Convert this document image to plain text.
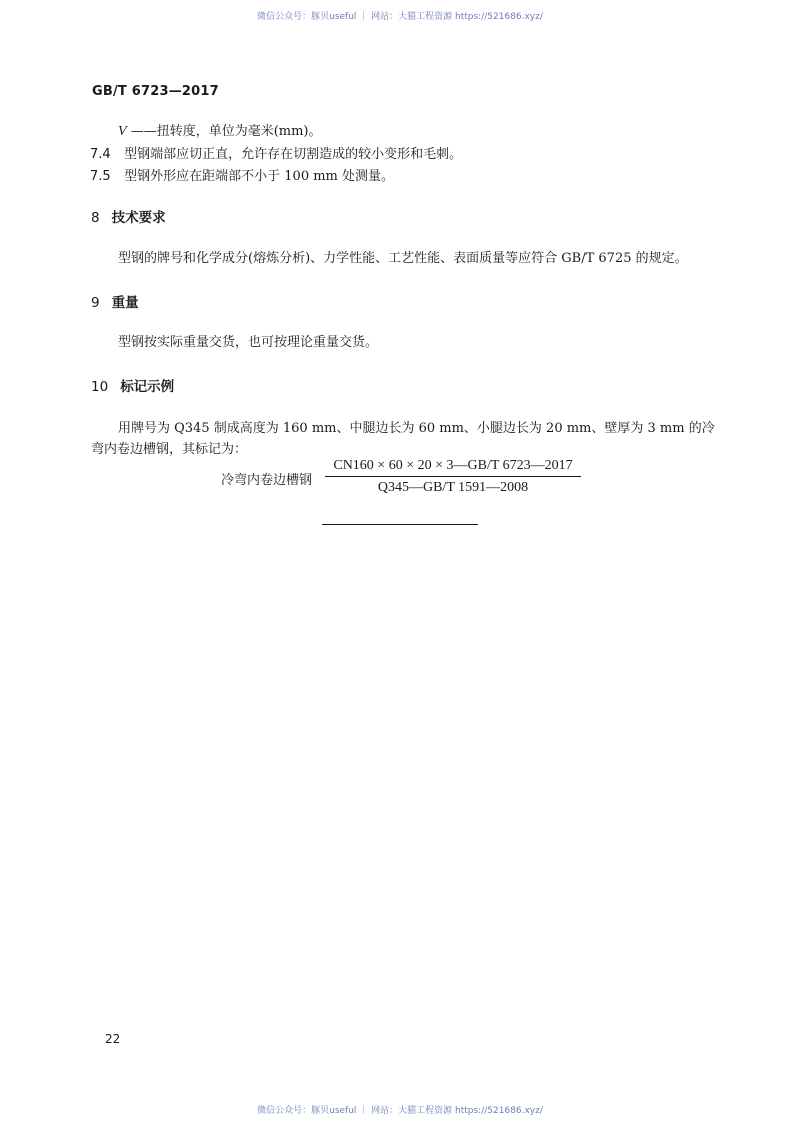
微信公众号：豚贝useful ｜ 网站：大猫工程资源 https://521686.xyz/
GB/T 6723—2017
V ——扭转度，单位为毫米(mm)。
7.4 型钢端部应切正直，允许存在切割造成的较小变形和毛刺。
7.5 型钢外形应在距端部不小于 100 mm 处测量。
8 技术要求
型钢的牌号和化学成分(熔炼分析)、力学性能、工艺性能、表面质量等应符合 GB/T 6725 的规定。
9 重量
型钢按实际重量交货，也可按理论重量交货。
10 标记示例
用牌号为 Q345 制成高度为 160 mm、中腿边长为 60 mm、小腿边长为 20 mm、壁厚为 3 mm 的冷
弯内卷边槽钢，其标记为：
冷弯内卷边槽钢
CN160 × 60 × 20 × 3—GB/T 6723—2017
Q345—GB/T 1591—2008
22
微信公众号：豚贝useful ｜ 网站：大猫工程资源 https://521686.xyz/
